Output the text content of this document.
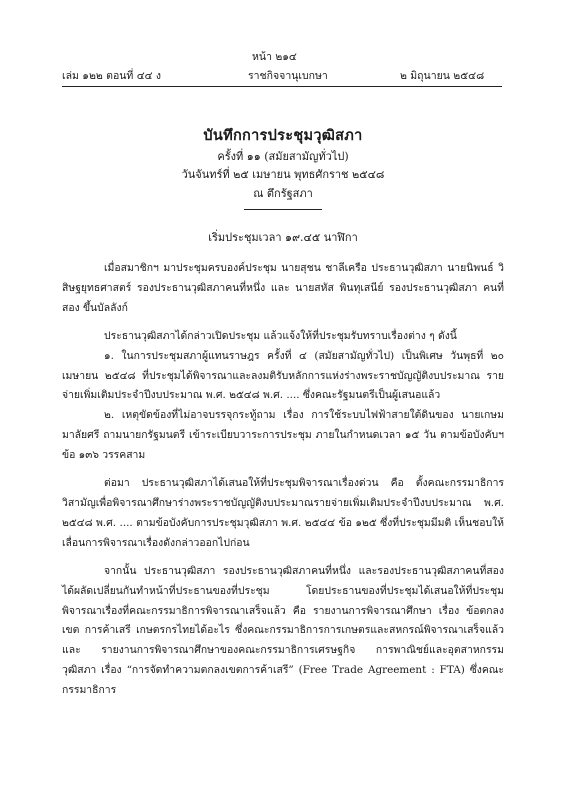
หน้า ๒๑๔
เล่ม ๑๒๒ ตอนที่ ๔๔ ง	ราชกิจจานุเบกษา	๒ มิถุนายน ๒๕๔๘
บันทึกการประชุมวุฒิสภา
ครั้งที่ ๑๑ (สมัยสามัญทั่วไป)
วันจันทร์ที่ ๒๕ เมษายน พุทธศักราช ๒๕๔๘
ณ ตึกรัฐสภา
เริ่มประชุมเวลา ๑๙.๔๕ นาฬิกา

เมื่อสมาชิกฯ มาประชุมครบองค์ประชุม นายสุชน ชาลีเครือ ประธานวุฒิสภา นายนิพนธ์ วิสิษฐยุทธศาสตร์ รองประธานวุฒิสภาคนที่หนึ่ง และ นายสหัส พินทุเสนีย์ รองประธานวุฒิสภา คนที่สอง ขึ้นบัลลังก์

ประธานวุฒิสภาได้กล่าวเปิดประชุม แล้วแจ้งให้ที่ประชุมรับทราบเรื่องต่าง ๆ ดังนี้

๑. ในการประชุมสภาผู้แทนราษฎร ครั้งที่ ๔ (สมัยสามัญทั่วไป) เป็นพิเศษ วันพุธที่ ๒๐ เมษายน ๒๕๔๘ ที่ประชุมได้พิจารณาและลงมติรับหลักการแห่งร่างพระราชบัญญัติงบประมาณ รายจ่ายเพิ่มเติมประจำปีงบประมาณ พ.ศ. ๒๕๔๘ พ.ศ. .... ซึ่งคณะรัฐมนตรีเป็นผู้เสนอแล้ว

๒. เหตุขัดข้องที่ไม่อาจบรรจุกระทู้ถาม เรื่อง การใช้ระบบไฟฟ้าสายใต้ดินของ นายเกษม มาลัยศรี ถามนายกรัฐมนตรี เข้าระเบียบวาระการประชุม ภายในกำหนดเวลา ๑๕ วัน ตามข้อบังคับฯ ข้อ ๑๓๖ วรรคสาม

ต่อมา ประธานวุฒิสภาได้เสนอให้ที่ประชุมพิจารณาเรื่องด่วน คือ ตั้งคณะกรรมาธิการ วิสามัญเพื่อพิจารณาศึกษาร่างพระราชบัญญัติงบประมาณรายจ่ายเพิ่มเติมประจำปีงบประมาณ พ.ศ. ๒๕๔๘ พ.ศ. .... ตามข้อบังคับการประชุมวุฒิสภา พ.ศ. ๒๕๔๔ ข้อ ๑๒๕ ซึ่งที่ประชุมมีมติ เห็นชอบให้เลื่อนการพิจารณาเรื่องดังกล่าวออกไปก่อน

จากนั้น ประธานวุฒิสภา รองประธานวุฒิสภาคนที่หนึ่ง และรองประธานวุฒิสภาคนที่สอง ได้ผลัดเปลี่ยนกันทำหน้าที่ประธานของที่ประชุม โดยประธานของที่ประชุมได้เสนอให้ที่ประชุม พิจารณาเรื่องที่คณะกรรมาธิการพิจารณาเสร็จแล้ว คือ รายงานการพิจารณาศึกษา เรื่อง ข้อตกลงเขต การค้าเสรี เกษตรกรไทยได้อะไร ซึ่งคณะกรรมาธิการการเกษตรและสหกรณ์พิจารณาเสร็จแล้ว และ รายงานการพิจารณาศึกษาของคณะกรรมาธิการเศรษฐกิจ การพาณิชย์และอุตสาหกรรม วุฒิสภา เรื่อง “การจัดทำความตกลงเขตการค้าเสรี” (Free Trade Agreement : FTA) ซึ่งคณะกรรมาธิการ
